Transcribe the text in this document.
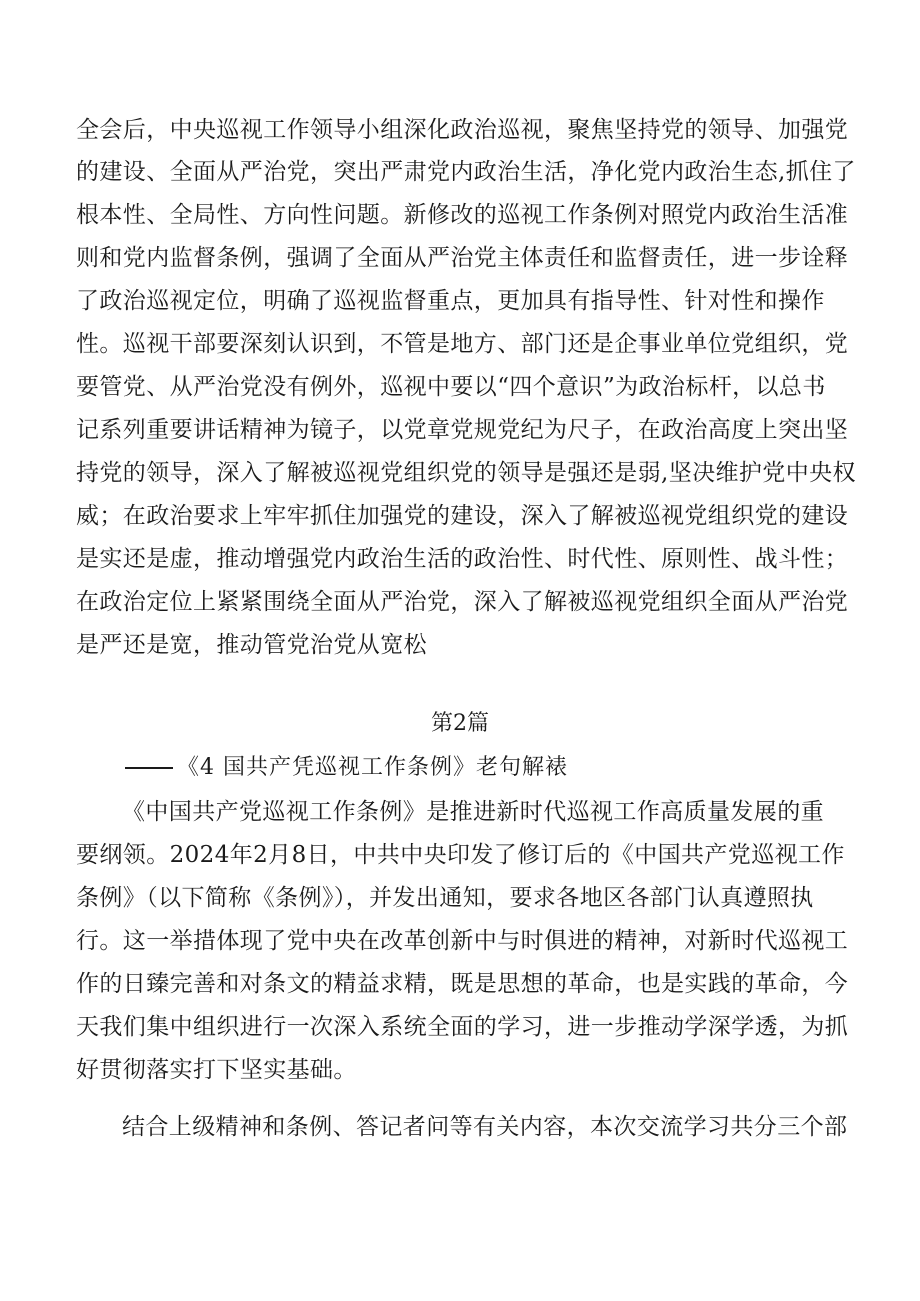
全会后，中央巡视工作领导小组深化政治巡视，聚焦坚持党的领导、加强党
的建设、全面从严治党，突出严肃党内政治生活，净化党内政治生态,抓住了
根本性、全局性、方向性问题。新修改的巡视工作条例对照党内政治生活准
则和党内监督条例，强调了全面从严治党主体责任和监督责任，进一步诠释
了政治巡视定位，明确了巡视监督重点，更加具有指导性、针对性和操作
性。巡视干部要深刻认识到，不管是地方、部门还是企事业单位党组织，党
要管党、从严治党没有例外，巡视中要以“四个意识”为政治标杆，以总书
记系列重要讲话精神为镜子，以党章党规党纪为尺子，在政治高度上突出坚
持党的领导，深入了解被巡视党组织党的领导是强还是弱,坚决维护党中央权
威；在政治要求上牢牢抓住加强党的建设，深入了解被巡视党组织党的建设
是实还是虚，推动增强党内政治生活的政治性、时代性、原则性、战斗性；
在政治定位上紧紧围绕全面从严治党，深入了解被巡视党组织全面从严治党
是严还是宽，推动管党治党从宽松
第2篇
《4 国共产凭巡视工作条例》老句解裱
《中国共产党巡视工作条例》是推进新时代巡视工作高质量发展的重
要纲领。2024年2月8日，中共中央印发了修订后的《中国共产党巡视工作
条例》（以下简称《条例》），并发出通知，要求各地区各部门认真遵照执
行。这一举措体现了党中央在改革创新中与时俱进的精神，对新时代巡视工
作的日臻完善和对条文的精益求精，既是思想的革命，也是实践的革命，今
天我们集中组织进行一次深入系统全面的学习，进一步推动学深学透，为抓
好贯彻落实打下坚实基础。
结合上级精神和条例、答记者问等有关内容，本次交流学习共分三个部
